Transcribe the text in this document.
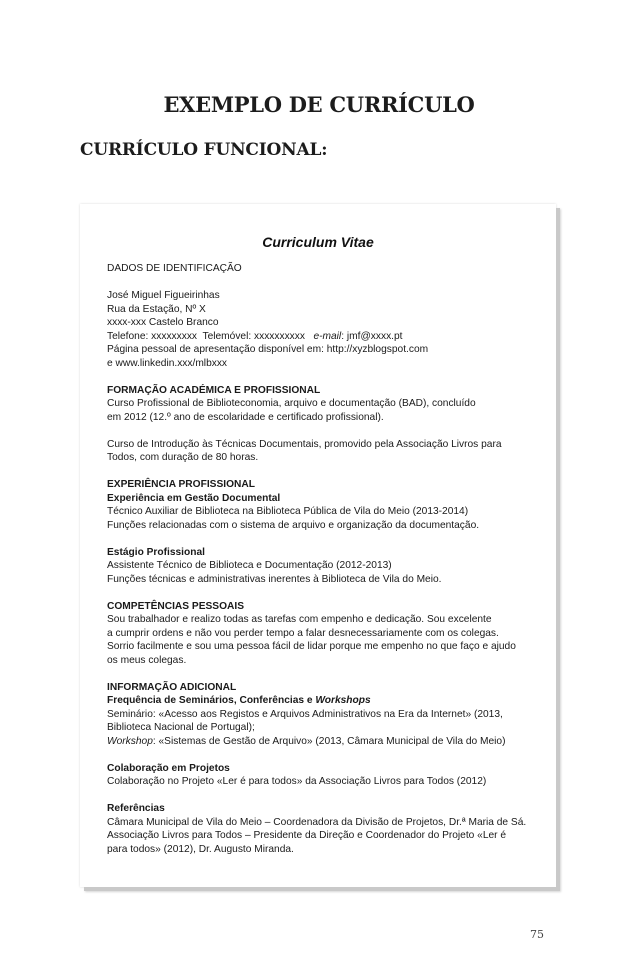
EXEMPLO DE CURRÍCULO
CURRÍCULO FUNCIONAL:
Curriculum Vitae

DADOS DE IDENTIFICAÇÃO

José Miguel Figueirinhas

Rua da Estação, Nº X

xxxx-xxx Castelo Branco

Telefone: xxxxxxxxx  Telemóvel: xxxxxxxxxx   e-mail: jmf@xxxx.pt

Página pessoal de apresentação disponível em: http://xyzblogspot.com

e www.linkedin.xxx/mlbxxx

FORMAÇÃO ACADÉMICA E PROFISSIONAL

Curso Profissional de Biblioteconomia, arquivo e documentação (BAD), concluído

em 2012 (12.º ano de escolaridade e certificado profissional).

Curso de Introdução às Técnicas Documentais, promovido pela Associação Livros para

Todos, com duração de 80 horas.

EXPERIÊNCIA PROFISSIONAL

Experiência em Gestão Documental

Técnico Auxiliar de Biblioteca na Biblioteca Pública de Vila do Meio (2013-2014)

Funções relacionadas com o sistema de arquivo e organização da documentação.

Estágio Profissional

Assistente Técnico de Biblioteca e Documentação (2012-2013)

Funções técnicas e administrativas inerentes à Biblioteca de Vila do Meio.

COMPETÊNCIAS PESSOAIS

Sou trabalhador e realizo todas as tarefas com empenho e dedicação. Sou excelente

a cumprir ordens e não vou perder tempo a falar desnecessariamente com os colegas.

Sorrio facilmente e sou uma pessoa fácil de lidar porque me empenho no que faço e ajudo

os meus colegas.

INFORMAÇÃO ADICIONAL

Frequência de Seminários, Conferências e Workshops

Seminário: «Acesso aos Registos e Arquivos Administrativos na Era da Internet» (2013,

Biblioteca Nacional de Portugal);

Workshop: «Sistemas de Gestão de Arquivo» (2013, Câmara Municipal de Vila do Meio)

Colaboração em Projetos

Colaboração no Projeto «Ler é para todos» da Associação Livros para Todos (2012)

Referências

Câmara Municipal de Vila do Meio – Coordenadora da Divisão de Projetos, Dr.ª Maria de Sá.

Associação Livros para Todos – Presidente da Direção e Coordenador do Projeto «Ler é

para todos» (2012), Dr. Augusto Miranda.

75
